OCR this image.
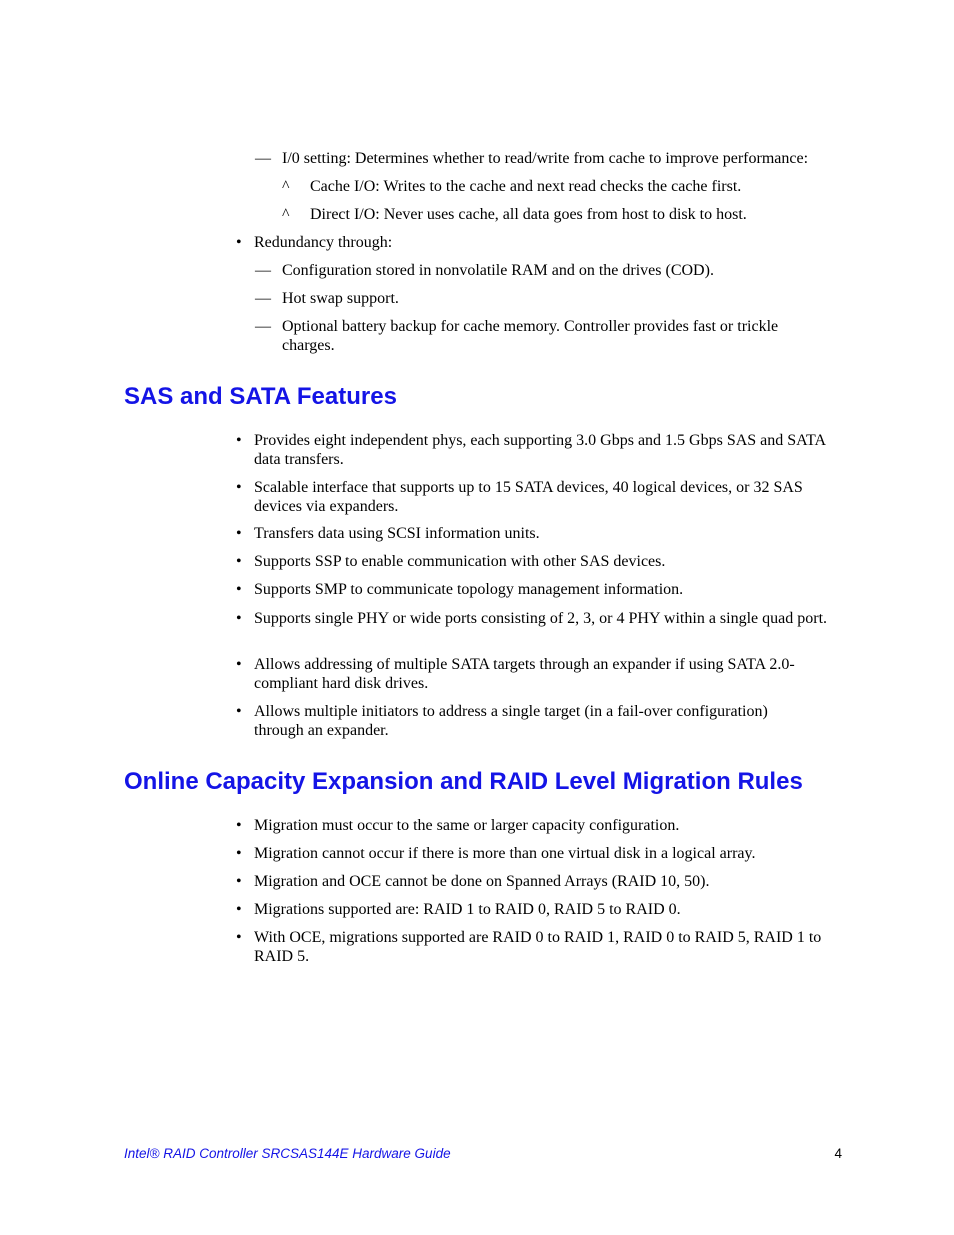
— I/0 setting: Determines whether to read/write from cache to improve performance:
^ Cache I/O: Writes to the cache and next read checks the cache first.
^ Direct I/O: Never uses cache, all data goes from host to disk to host.
• Redundancy through:
— Configuration stored in nonvolatile RAM and on the drives (COD).
— Hot swap support.
— Optional battery backup for cache memory. Controller provides fast or trickle charges.
SAS and SATA Features
• Provides eight independent phys, each supporting 3.0 Gbps and 1.5 Gbps SAS and SATA data transfers.
• Scalable interface that supports up to 15 SATA devices, 40 logical devices, or 32 SAS devices via expanders.
• Transfers data using SCSI information units.
• Supports SSP to enable communication with other SAS devices.
• Supports SMP to communicate topology management information.
• Supports single PHY or wide ports consisting of 2, 3, or 4 PHY within a single quad port.
• Allows addressing of multiple SATA targets through an expander if using SATA 2.0-compliant hard disk drives.
• Allows multiple initiators to address a single target (in a fail-over configuration) through an expander.
Online Capacity Expansion and RAID Level Migration Rules
• Migration must occur to the same or larger capacity configuration.
• Migration cannot occur if there is more than one virtual disk in a logical array.
• Migration and OCE cannot be done on Spanned Arrays (RAID 10, 50).
• Migrations supported are: RAID 1 to RAID 0, RAID 5 to RAID 0.
• With OCE, migrations supported are RAID 0 to RAID 1, RAID 0 to RAID 5, RAID 1 to RAID 5.
Intel® RAID Controller SRCSAS144E Hardware Guide	4
